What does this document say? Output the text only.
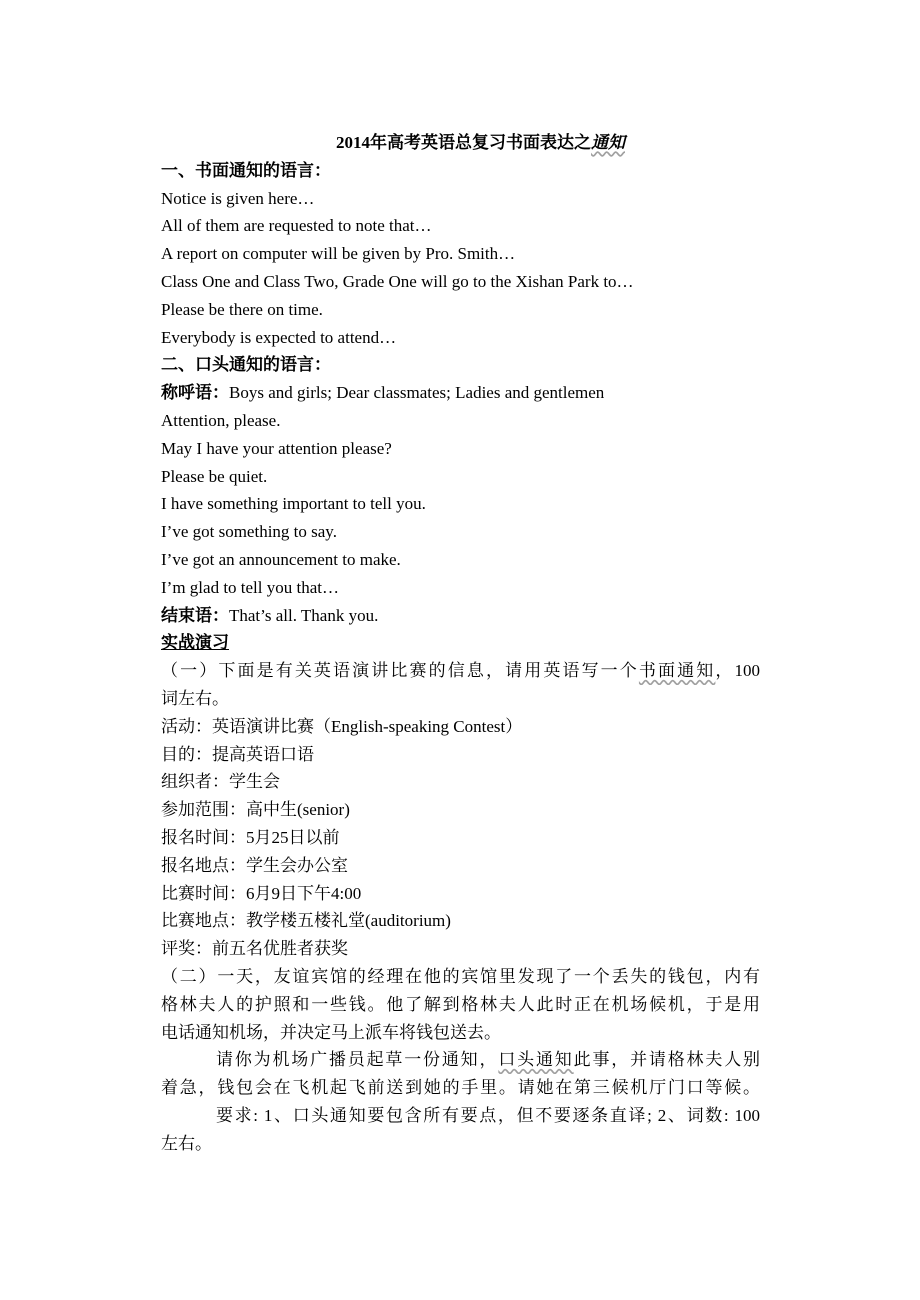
2014年高考英语总复习书面表达之通知
一、书面通知的语言：
Notice is given here…
All of them are requested to note that…
A report on computer will be given by Pro. Smith…
Class One and Class Two, Grade One will go to the Xishan Park to…
Please be there on time.
Everybody is expected to attend…
二、口头通知的语言：
称呼语：Boys and girls; Dear classmates; Ladies and gentlemen
Attention, please.
May I have your attention please?
Please be quiet.
I have something important to tell you.
I’ve got something to say.
I’ve got an announcement to make.
I’m glad to tell you that…
结束语：That’s all. Thank you.
实战演习
（一）下面是有关英语演讲比赛的信息，请用英语写一个书面通知，100
词左右。
活动：英语演讲比赛（English-speaking Contest）
目的：提高英语口语
组织者：学生会
参加范围：高中生(senior)
报名时间：5月25日以前
报名地点：学生会办公室
比赛时间：6月9日下午4:00
比赛地点：教学楼五楼礼堂(auditorium)
评奖：前五名优胜者获奖
（二）一天，友谊宾馆的经理在他的宾馆里发现了一个丢失的钱包，内有
格林夫人的护照和一些钱。他了解到格林夫人此时正在机场候机，于是用
电话通知机场，并决定马上派车将钱包送去。
请你为机场广播员起草一份通知，口头通知此事，并请格林夫人别
着急，钱包会在飞机起飞前送到她的手里。请她在第三候机厅门口等候。
要求: 1、口头通知要包含所有要点，但不要逐条直译; 2、词数: 100
左右。
